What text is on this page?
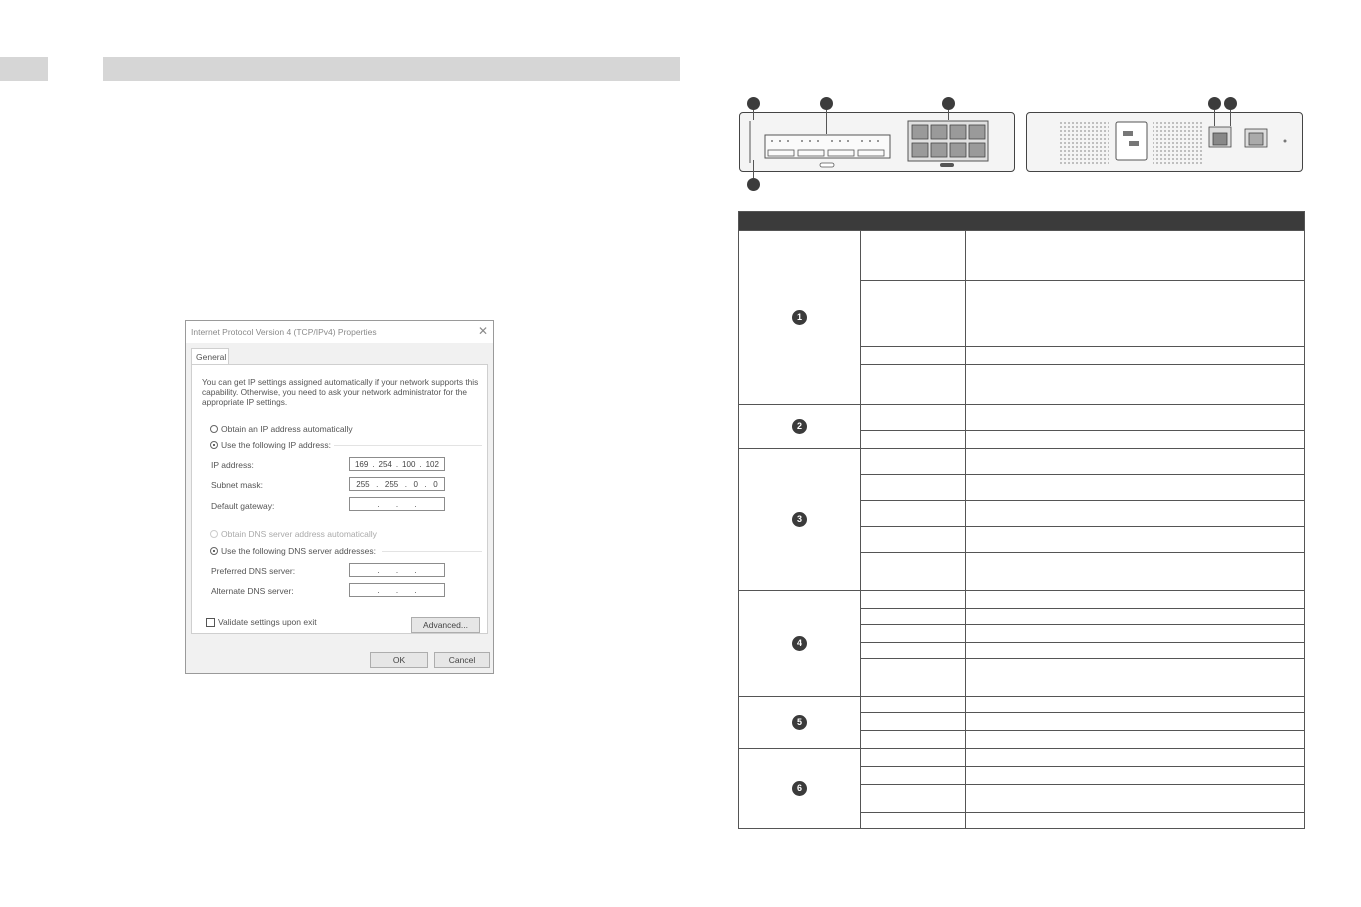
Internet Protocol Version 4 (TCP/IPv4) Properties	✕
General
You can get IP settings assigned automatically if your network supports this capability. Otherwise, you need to ask your network administrator for the appropriate IP settings.
Obtain an IP address automatically
Use the following IP address:
IP address:	169 . 254 . 100 . 102
Subnet mask:	255 . 255 . 0 . 0
Default gateway:	. . .
Obtain DNS server address automatically
Use the following DNS server addresses:
Preferred DNS server:	. . .
Alternate DNS server:	. . .
Validate settings upon exit	Advanced...
OK	Cancel

1		

2		

3		

4		

5		

6		
